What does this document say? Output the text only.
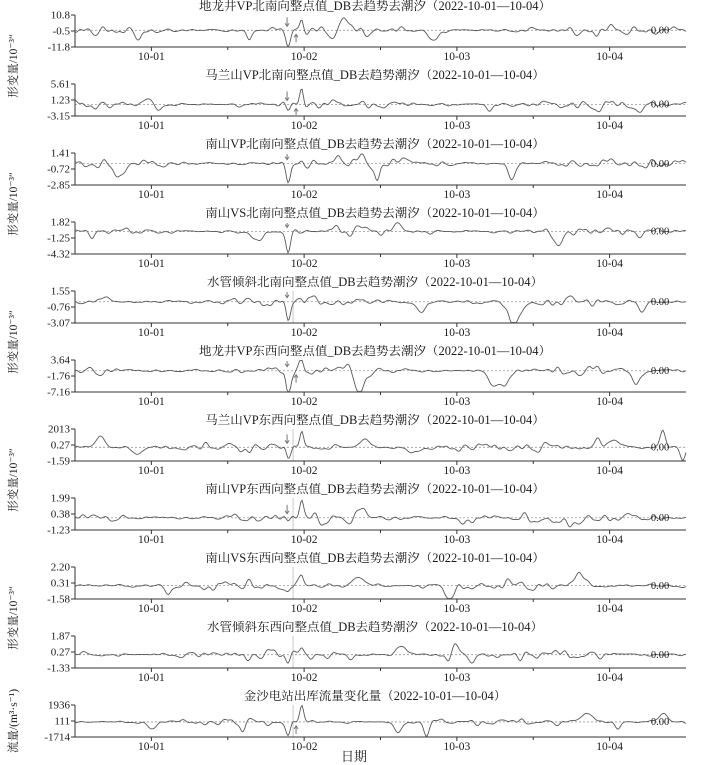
地龙井VP北南向整点值_DB去趋势去潮汐（2022-10-01—10-04）
10-01	10-02	10-03	10-04
10.8
-0.5
-11.8
0.00
马兰山VP北南向整点值_DB去趋势潮汐（2022-10-01—10-04）
10-01	10-02	10-03	10-04
5.61
1.23
-3.15
0.00
南山VP北南向整点值_DB去趋势去潮汐（2022-10-01—10-04）
10-01	10-02	10-03	10-04
1.41
-0.72
-2.85
0.00
南山VS北南向整点值_DB去趋势去潮汐（2022-10-01—10-04）
10-01	10-02	10-03	10-04
1.82
-1.25
-4.32
0.00
水管倾斜北南向整点值_DB去趋势潮汐（2022-10-01—10-04）
10-01	10-02	10-03	10-04
1.55
-0.76
-3.07
0.00
地龙井VP东西向整点值_DB去趋势去潮汐（2022-10-01—10-04）
10-01	10-02	10-03	10-04
3.64
-1.76
-7.16
0.00
马兰山VP东西向整点值_DB去趋势潮汐（2022-10-01—10-04）
10-01	10-02	10-03	10-04
2013
0.27
-1.59
0.00
南山VP东西向整点值_DB去趋势去潮汐（2022-10-01—10-04）
10-01	10-02	10-03	10-04
1.99
0.38
-1.23
0.00
南山VS东西向整点值_DB去趋势去潮汐（2022-10-01—10-04）
10-01	10-02	10-03	10-04
2.20
0.31
-1.58
0.00
水管倾斜东西向整点值_DB去趋势潮汐（2022-10-01—10-04）
10-01	10-02	10-03	10-04
1.87
0.27
-1.33
0.00
金沙电站出库流量变化量（2022-10-01—10-04）
10-01	10-02	10-03	10-04
1936
111
-1714
0.00
形变量/10⁻³″
形变量/10⁻³″
形变量/10⁻³″
形变量/10⁻³″
形变量/10⁻³″
流量/(m³·s⁻¹)
日期
